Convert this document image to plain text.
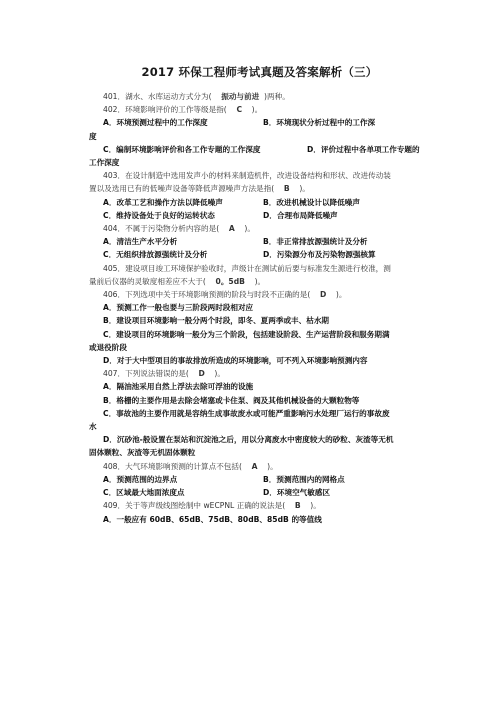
2017 环保工程师考试真题及答案解析（三）

401．湖水、水库运动方式分为(    振动与前进  )两种。

402．环境影响评价的工作等级是指(    C    )。

A．环境预测过程中的工作深度	B．环境现状分析过程中的工作深

度

C．编制环境影响评价和各工作专题的工作深度	D．评价过程中各单项工作专题的

工作深度

403．在设计制造中选用发声小的材料来制造机件，改进设备结构和形状、改进传动装

置以及选用已有的低噪声设备等降低声源噪声方法是指(    B    )。

A．改革工艺和操作方法以降低噪声	B．改进机械设计以降低噪声

C．维持设备处于良好的运转状态	D．合理布局降低噪声

404．不属于污染物分析内容的是(    A    )。

A．清洁生产水平分析	B．非正常排放源强统计及分析

C．无组织排放源强统计及分析	D．污染源分布及污染物源强核算

405．建设项目竣工环境保护验收时，声级计在测试前后要与标准发生源进行校准，测

量前后仪器的灵敏度相差应不大于(    0。5dB    )。

406．下列选项中关于环境影响预测的阶段与时段不正确的是(    D    )。

A．预测工作一般也要与三阶段两时段相对应

B．建设项目环境影响一般分两个时段，即冬、夏两季或丰、枯水期

C．建设项目的环境影响一般分为三个阶段，包括建设阶段、生产运营阶段和服务期满

或退役阶段

D．对于大中型项目的事故排放所造成的环境影响，可不列入环境影响预测内容

407．下列说法错误的是(    D    )。

A．隔油池采用自然上浮法去除可浮油的设施

B．格栅的主要作用是去除会堵塞或卡住泵、阀及其他机械设备的大颗粒物等

C．事故池的主要作用就是容纳生成事故废水或可能严重影响污水处理厂运行的事故废

水

D．沉砂池-般设置在泵站和沉淀池之后，用以分离废水中密度较大的砂粒、灰渣等无机

固体颗粒、灰渣等无机固体颗粒

408．大气环境影响预测的计算点不包括(    A    )。

A．预测范围的边界点	B．预测范围内的网格点

C．区域最大地面浓度点	D．环境空气敏感区

409．关于等声级线图绘制中 wECPNL 正确的说法是(    B    )。

A．一般应有 60dB、65dB、75dB、80dB、85dB 的等值线
